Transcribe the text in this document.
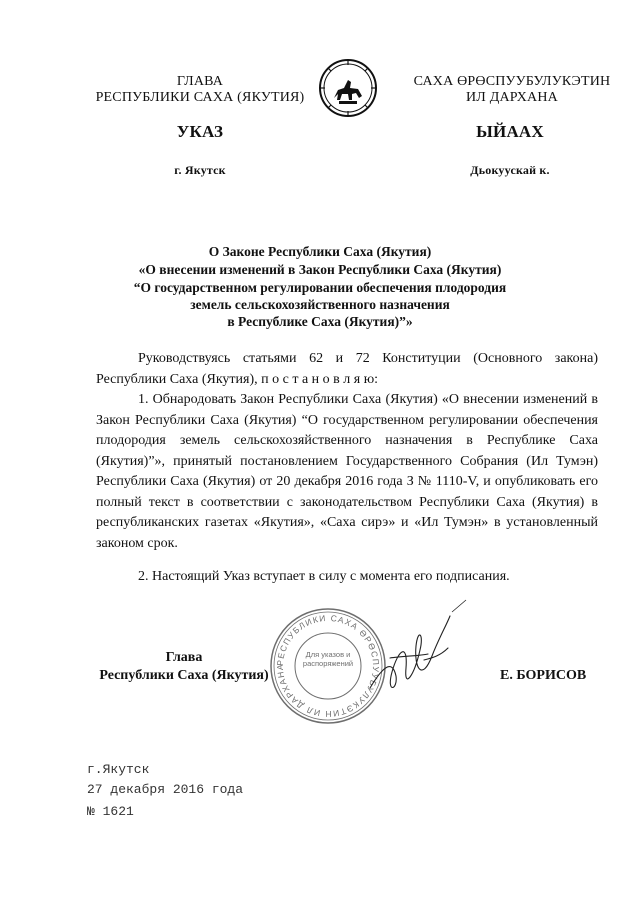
ГЛАВА
РЕСПУБЛИКИ САХА (ЯКУТИЯ)
САХА ӨРӨСПУУБУЛУКЭТИН
ИЛ ДАРХАНА
УКАЗ	ЫЙААХ
г. Якутск	Дьокуускай к.
О Законе Республики Саха (Якутия)
«О внесении изменений в Закон Республики Саха (Якутия)
“О государственном регулировании обеспечения плодородия
земель сельскохозяйственного назначения
в Республике Саха (Якутия)”»
Руководствуясь статьями 62 и 72 Конституции (Основного закона) Республики Саха (Якутия), п о с т а н о в л я ю:
1. Обнародовать Закон Республики Саха (Якутия) «О внесении изменений в Закон Республики Саха (Якутия) “О государственном регулировании обеспечения плодородия земель сельскохозяйственного назначения в Республике Саха (Якутия)”», принятый постановлением Государственного Собрания (Ил Тумэн) Республики Саха (Якутия) от 20 декабря 2016 года З № 1110-V, и опубликовать его полный текст в соответствии с законодательством Республики Саха (Якутия) в республиканских газетах «Якутия», «Саха сирэ» и «Ил Тумэн» в установленный законом срок.
2. Настоящий Указ вступает в силу с момента его подписания.
Глава
Республики Саха (Якутия)	Е. БОРИСОВ
РЕСПУБЛИКИ САХА ӨРӨСПУУБУЛУКЭТИН ИЛ ДАРХАНА
Для указов и распоряжений
г.Якутск
27 декабря 2016 года
№ 1621
